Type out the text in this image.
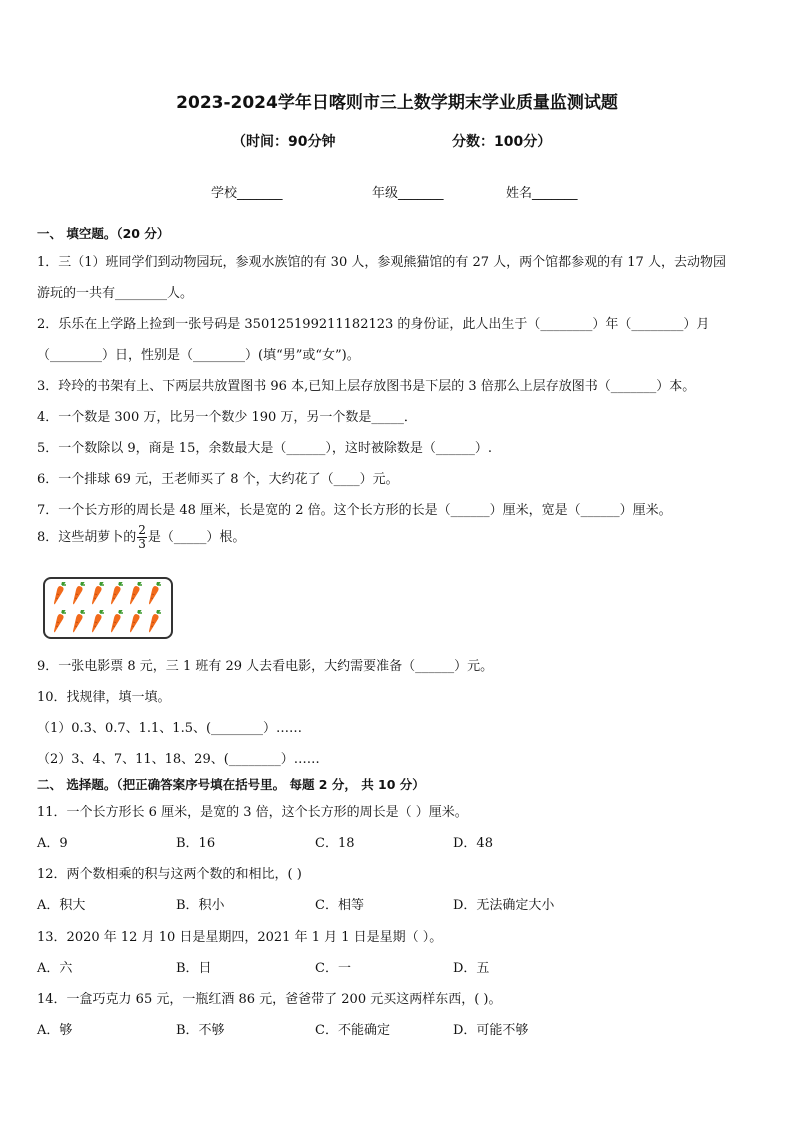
2023-2024学年日喀则市三上数学期末学业质量监测试题
（时间：90分钟	分数：100分）
学校_______	年级_______	姓名_______
一、 填空题。（20 分）
1．三（1）班同学们到动物园玩，参观水族馆的有 30 人，参观熊猫馆的有 27 人，两个馆都参观的有 17 人，去动物园
游玩的一共有________人。
2．乐乐在上学路上捡到一张号码是 350125199211182123 的身份证，此人出生于（________）年（________）月
（________）日，性别是（________）(填“男”或“女”)。
3．玲玲的书架有上、下两层共放置图书 96 本,已知上层存放图书是下层的 3 倍那么上层存放图书（_______）本。
4．一个数是 300 万，比另一个数少 190 万，另一个数是_____．
5．一个数除以 9，商是 15，余数最大是（______），这时被除数是（______）.
6．一个排球 69 元，王老师买了 8 个，大约花了（____）元。
7．一个长方形的周长是 48 厘米，长是宽的 2 倍。这个长方形的长是（______）厘米，宽是（______）厘米。
8．这些胡萝卜的 $\frac{2}{3}$ 是（_____）根。
9．一张电影票 8 元，三 1 班有 29 人去看电影，大约需要准备（______）元。
10．找规律，填一填。
（1）0.3、0.7、1.1、1.5、(________）……
（2）3、4、7、11、18、29、(________）……
二、 选择题。（把正确答案序号填在括号里。 每题 2 分， 共 10 分）
11．一个长方形长 6 厘米，是宽的 3 倍，这个长方形的周长是（ ）厘米。
A．9	B．16	C．18	D．48
12．两个数相乘的积与这两个数的和相比，( )
A．积大	B．积小	C．相等	D．无法确定大小
13．2020 年 12 月 10 日是星期四，2021 年 1 月 1 日是星期（ ）。
A．六	B．日	C．一	D．五
14．一盒巧克力 65 元，一瓶红酒 86 元，爸爸带了 200 元买这两样东西，( )。
A．够	B．不够	C．不能确定	D．可能不够
